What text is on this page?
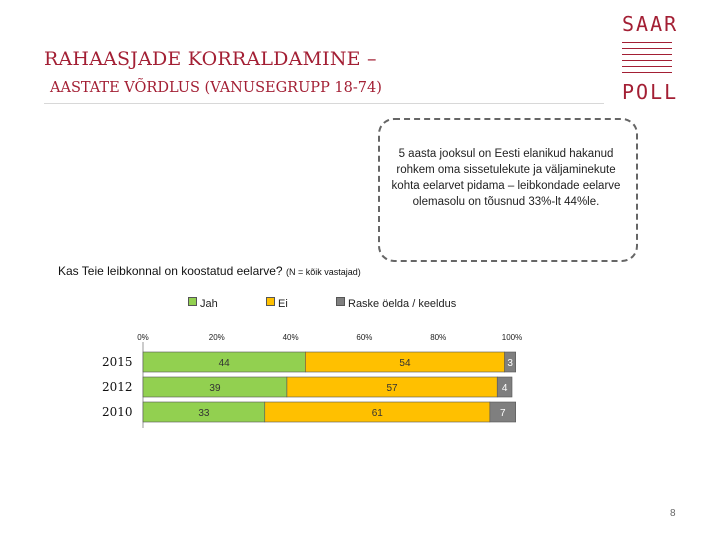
RAHAASJADE KORRALDAMINE –
AASTATE VÕRDLUS (VANUSEGRUPP 18-74)
SAAR
POLL
5 aasta jooksul on Eesti elanikud hakanud rohkem oma sissetulekute ja väljaminekute kohta eelarvet pidama – leibkondade eelarve olemasolu on tõusnud 33%-lt 44%le.
Kas Teie leibkonnal on koostatud eelarve? (N = kõik vastajad)
Jah	Ei	Raske öelda / keeldus
0%	20%	40%	60%	80%	100%
2015	44	54	3
2012	39	57	4
2010	33	61	7
8
